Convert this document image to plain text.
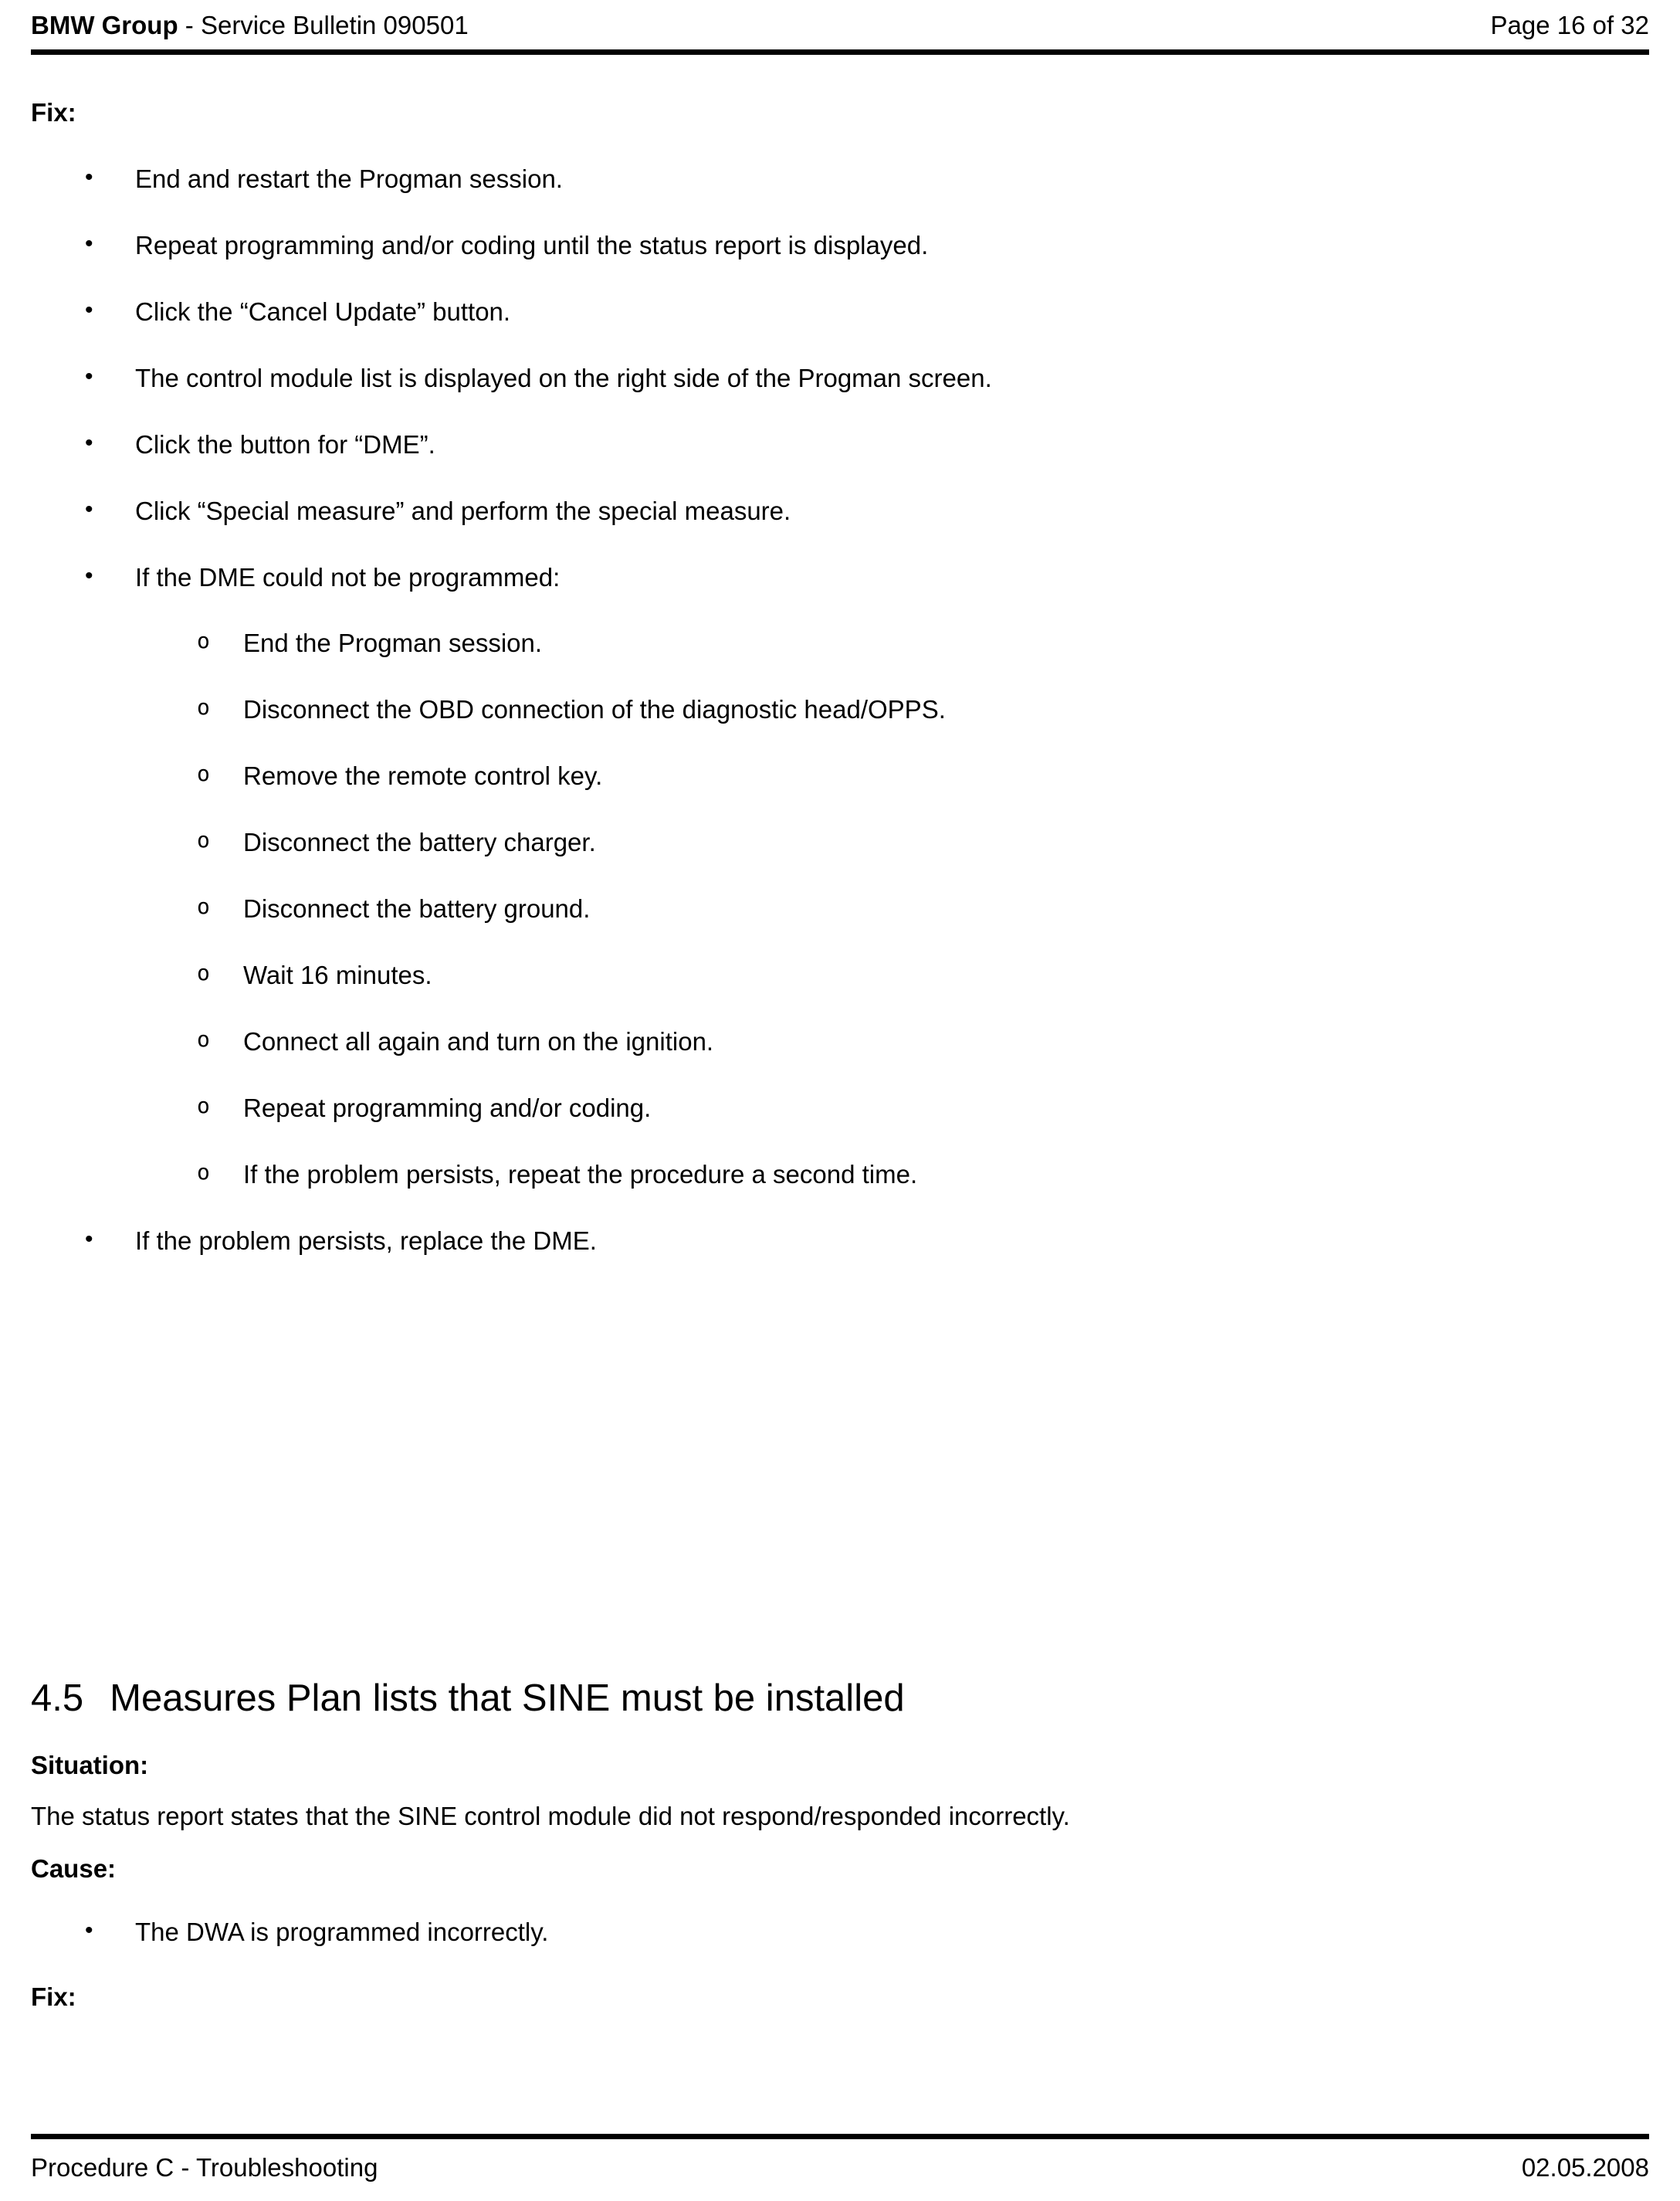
BMW Group - Service Bulletin 090501	Page 16 of 32
Fix:
•	End and restart the Progman session.
•	Repeat programming and/or coding until the status report is displayed.
•	Click the “Cancel Update” button.
•	The control module list is displayed on the right side of the Progman screen.
•	Click the button for “DME”.
•	Click “Special measure” and perform the special measure.
•	If the DME could not be programmed:
o	End the Progman session.
o	Disconnect the OBD connection of the diagnostic head/OPPS.
o	Remove the remote control key.
o	Disconnect the battery charger.
o	Disconnect the battery ground.
o	Wait 16 minutes.
o	Connect all again and turn on the ignition.
o	Repeat programming and/or coding.
o	If the problem persists, repeat the procedure a second time.
•	If the problem persists, replace the DME.
4.5 Measures Plan lists that SINE must be installed
Situation:
The status report states that the SINE control module did not respond/responded incorrectly.
Cause:
•	The DWA is programmed incorrectly.
Fix:
Procedure C - Troubleshooting	02.05.2008
